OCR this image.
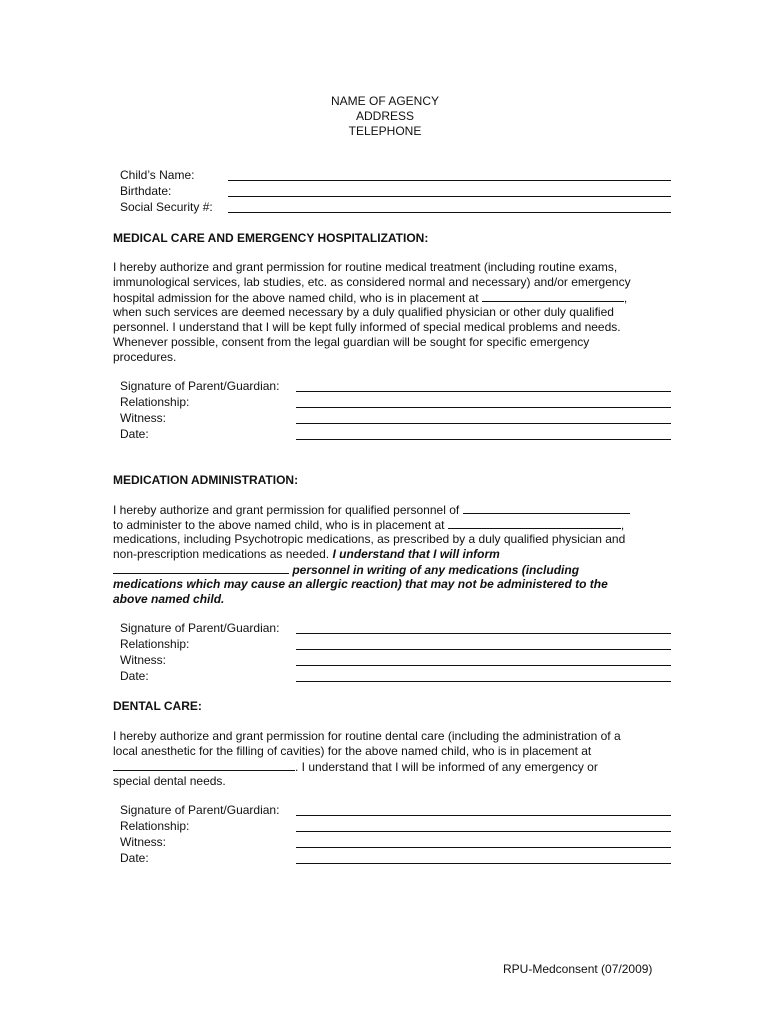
NAME OF AGENCY
ADDRESS
TELEPHONE
Child’s Name:
Birthdate:
Social Security #:
MEDICAL CARE AND EMERGENCY HOSPITALIZATION:
I hereby authorize and grant permission for routine medical treatment (including routine exams,
immunological services, lab studies, etc. as considered normal and necessary) and/or emergency
hospital admission for the above named child, who is in placement at	,
when such services are deemed necessary by a duly qualified physician or other duly qualified
personnel. I understand that I will be kept fully informed of special medical problems and needs.
Whenever possible, consent from the legal guardian will be sought for specific emergency
procedures.
Signature of Parent/Guardian:
Relationship:
Witness:
Date:
MEDICATION ADMINISTRATION:
I hereby authorize and grant permission for qualified personnel of
to administer to the above named child, who is in placement at	,
medications, including Psychotropic medications, as prescribed by a duly qualified physician and
non-prescription medications as needed. I understand that I will inform
personnel in writing of any medications (including
medications which may cause an allergic reaction) that may not be administered to the
above named child.
Signature of Parent/Guardian:
Relationship:
Witness:
Date:
DENTAL CARE:
I hereby authorize and grant permission for routine dental care (including the administration of a
local anesthetic for the filling of cavities) for the above named child, who is in placement at
. I understand that I will be informed of any emergency or
special dental needs.
Signature of Parent/Guardian:
Relationship:
Witness:
Date:
RPU-Medconsent (07/2009)
